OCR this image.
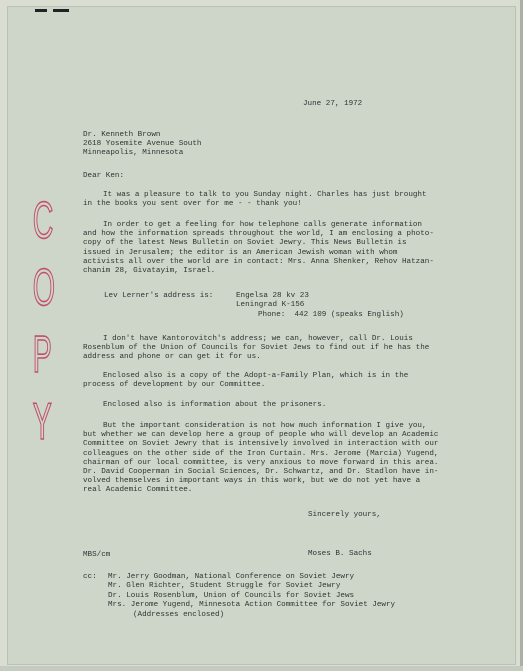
C
O
P
Y
June 27, 1972
Dr. Kenneth Brown
2618 Yosemite Avenue South
Minneapolis, Minnesota
Dear Ken:
It was a pleasure to talk to you Sunday night. Charles has just brought
in the books you sent over for me - - thank you!
In order to get a feeling for how telephone calls generate information
and how the information spreads throughout the world, I am enclosing a photo-
copy of the latest News Bulletin on Soviet Jewry. This News Bulletin is
issued in Jerusalem; the editor is an American Jewish woman with whom
activists all over the world are in contact: Mrs. Anna Shenker, Rehov Hatzan-
chanim 28, Givatayim, Israel.
Lev Lerner's address is:	Engelsa 28 kv 23
Leningrad K-156
Phone:  442 109 (speaks English)
I don't have Kantorovitch's address; we can, however, call Dr. Louis
Rosenblum of the Union of Councils for Soviet Jews to find out if he has the
address and phone or can get it for us.
Enclosed also is a copy of the Adopt-a-Family Plan, which is in the
process of development by our Committee.
Enclosed also is information about the prisoners.
But the important consideration is not how much information I give you,
but whether we can develop here a group of people who will develop an Academic
Committee on Soviet Jewry that is intensively involved in interaction with our
colleagues on the other side of the Iron Curtain. Mrs. Jerome (Marcia) Yugend,
chairman of our local committee, is very anxious to move forward in this area.
Dr. David Cooperman in Social Sciences, Dr. Schwartz, and Dr. Stadlon have in-
volved themselves in important ways in this work, but we do not yet have a
real Academic Committee.
Sincerely yours,
MBS/cm	Moses B. Sachs
cc: Mr. Jerry Goodman, National Conference on Soviet Jewry
Mr. Glen Richter, Student Struggle for Soviet Jewry
Dr. Louis Rosenblum, Union of Councils for Soviet Jews
Mrs. Jerome Yugend, Minnesota Action Committee for Soviet Jewry
(Addresses enclosed)
